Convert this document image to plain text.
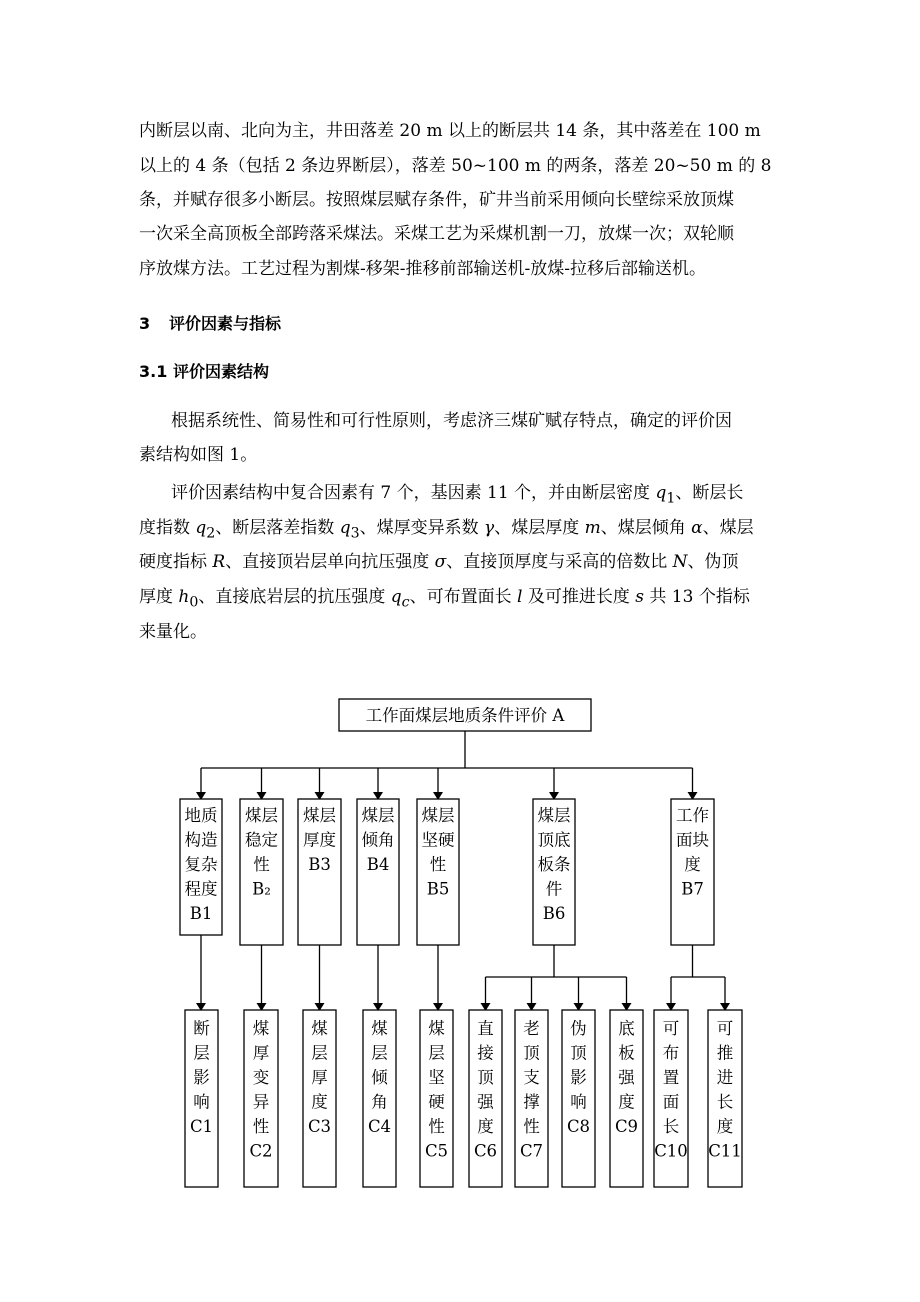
内断层以南、北向为主，井田落差 20 m 以上的断层共 14 条，其中落差在 100 m
以上的 4 条（包括 2 条边界断层），落差 50~100 m 的两条，落差 20~50 m 的 8
条，并赋存很多小断层。按照煤层赋存条件，矿井当前采用倾向长壁综采放顶煤
一次采全高顶板全部跨落采煤法。采煤工艺为采煤机割一刀，放煤一次；双轮顺
序放煤方法。工艺过程为割煤-移架-推移前部输送机-放煤-拉移后部输送机。
3 评价因素与指标
3.1 评价因素结构
根据系统性、简易性和可行性原则，考虑济三煤矿赋存特点，确定的评价因
素结构如图 1。
评价因素结构中复合因素有 7 个，基因素 11 个，并由断层密度 $q_1$、断层长
度指数 $q_2$、断层落差指数 $q_3$、煤厚变异系数 γ、煤层厚度 m、煤层倾角 α、煤层
硬度指标 R、直接顶岩层单向抗压强度 σ、直接顶厚度与采高的倍数比 N、伪顶
厚度 $h_0$、直接底岩层的抗压强度 $q_c$、可布置面长 l 及可推进长度 s 共 13 个指标
来量化。
工作面煤层地质条件评价 A
地质
构造
复杂
程度
B1
煤层
稳定
性
B₂
煤层
厚度
B3
煤层
倾角
B4
煤层
坚硬
性
B5
煤层
顶底
板条
件
B6
工作
面块
度
B7
断
层
影
响
C1
煤
厚
变
异
性
C2
煤
层
厚
度
C3
煤
层
倾
角
C4
煤
层
坚
硬
性
C5
直
接
顶
强
度
C6
老
顶
支
撑
性
C7
伪
顶
影
响
C8
底
板
强
度
C9
可
布
置
面
长
C10
可
推
进
长
度
C11
